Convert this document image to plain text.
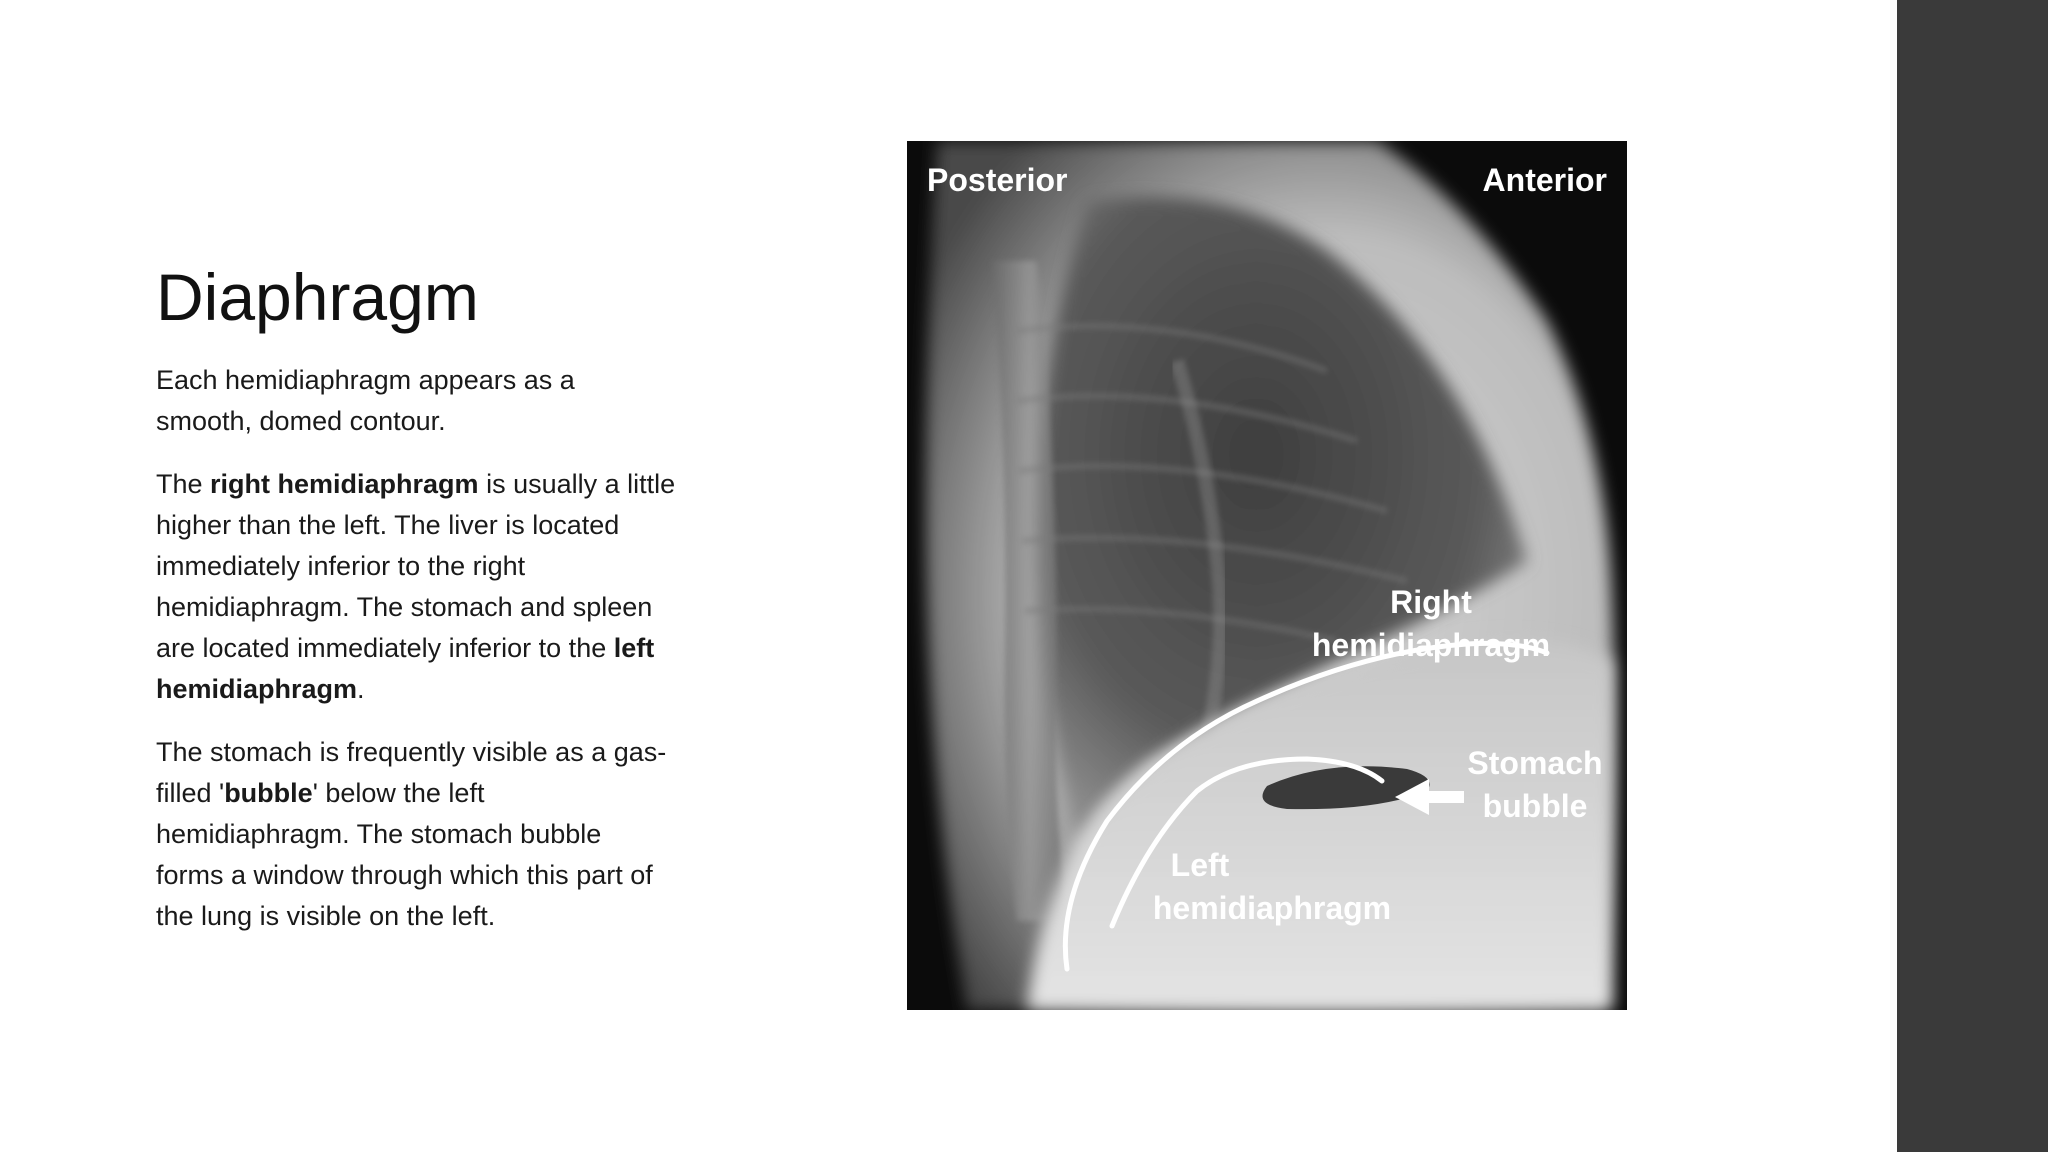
Diaphragm

Each hemidiaphragm appears as a smooth, domed contour.

The right hemidiaphragm is usually a little higher than the left. The liver is located immediately inferior to the right hemidiaphragm. The stomach and spleen are located immediately inferior to the left hemidiaphragm.

The stomach is frequently visible as a gas-filled 'bubble' below the left hemidiaphragm. The stomach bubble forms a window through which this part of the lung is visible on the left.

Posterior	Anterior
Right
hemidiaphragm
Stomach
bubble
Left
hemidiaphragm
